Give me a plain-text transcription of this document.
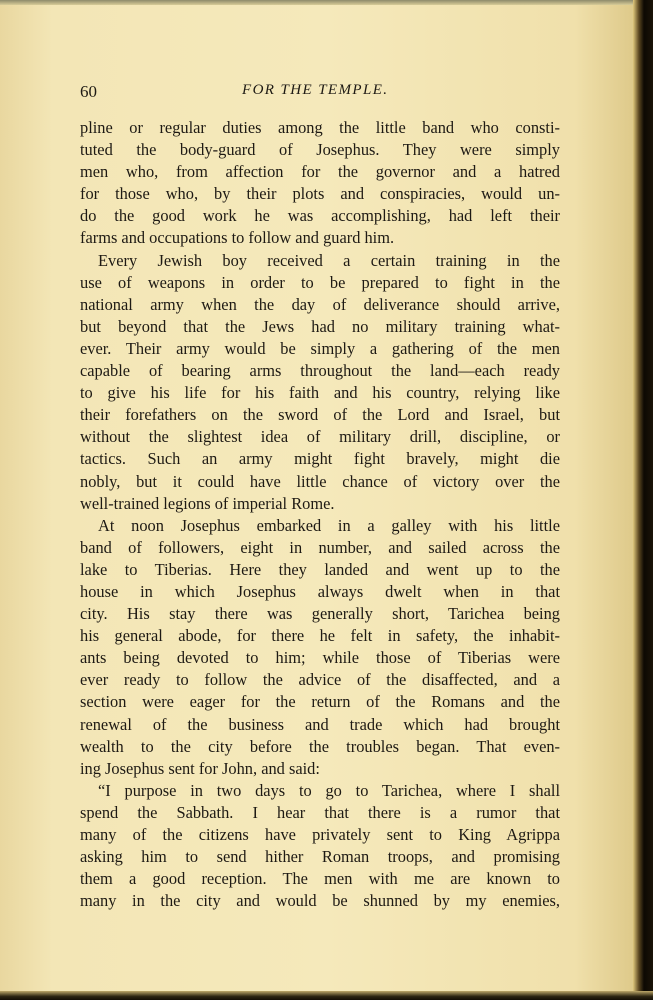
60	FOR THE TEMPLE.
pline or regular duties among the little band who consti-
tuted the body-guard of Josephus. They were simply
men who, from affection for the governor and a hatred
for those who, by their plots and conspiracies, would un-
do the good work he was accomplishing, had left their
farms and occupations to follow and guard him.
Every Jewish boy received a certain training in the
use of weapons in order to be prepared to fight in the
national army when the day of deliverance should arrive,
but beyond that the Jews had no military training what-
ever. Their army would be simply a gathering of the men
capable of bearing arms throughout the land—each ready
to give his life for his faith and his country, relying like
their forefathers on the sword of the Lord and Israel, but
without the slightest idea of military drill, discipline, or
tactics. Such an army might fight bravely, might die
nobly, but it could have little chance of victory over the
well-trained legions of imperial Rome.
At noon Josephus embarked in a galley with his little
band of followers, eight in number, and sailed across the
lake to Tiberias. Here they landed and went up to the
house in which Josephus always dwelt when in that
city. His stay there was generally short, Tarichea being
his general abode, for there he felt in safety, the inhabit-
ants being devoted to him; while those of Tiberias were
ever ready to follow the advice of the disaffected, and a
section were eager for the return of the Romans and the
renewal of the business and trade which had brought
wealth to the city before the troubles began. That even-
ing Josephus sent for John, and said:
“I purpose in two days to go to Tarichea, where I shall
spend the Sabbath. I hear that there is a rumor that
many of the citizens have privately sent to King Agrippa
asking him to send hither Roman troops, and promising
them a good reception. The men with me are known to
many in the city and would be shunned by my enemies,
